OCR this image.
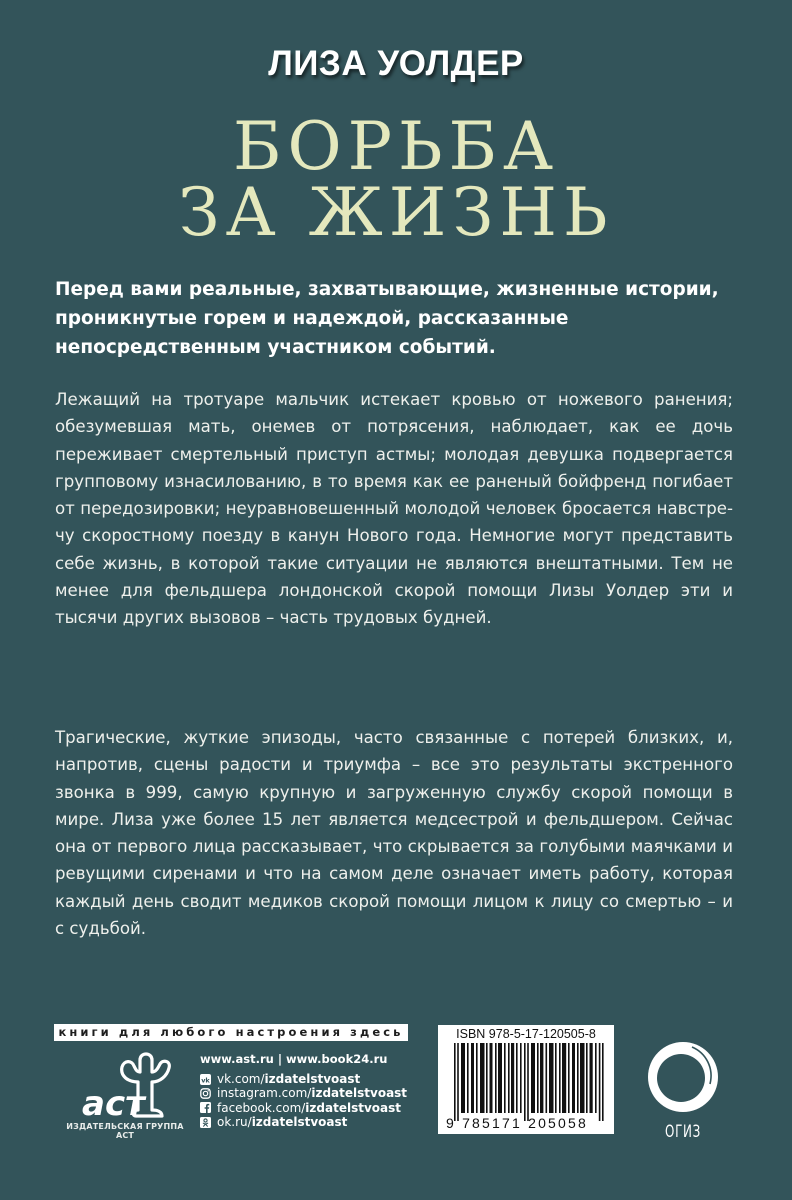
ЛИЗА УОЛДЕР
БОРЬБА
ЗА ЖИЗНЬ
Перед вами реальные, захватывающие, жизненные истории, проникнутые горем и надеждой, рассказанные непосредственным участником событий.
Лежащий на тротуаре мальчик истекает кровью от ножевого ранения; обезумевшая мать, онемев от потрясения, наблюдает, как ее дочь переживает смертельный приступ астмы; молодая девушка подвергается групповому изнасилованию, в то время как ее раненый бойфренд погибает от передозировки; неуравновешенный молодой человек бросается навстречу скоростному поезду в канун Нового года. Немногие могут представить себе жизнь, в которой такие ситуации не являются внештатными. Тем не менее для фельдшера лондонской скорой помощи Лизы Уолдер эти и тысячи других вызовов – часть трудовых будней.
Трагические, жуткие эпизоды, часто связанные с потерей близких, и, напротив, сцены радости и триумфа – все это результаты экстренного звонка в 999, самую крупную и загруженную службу скорой помощи в мире. Лиза уже более 15 лет является медсестрой и фельдшером. Сейчас она от первого лица рассказывает, что скрывается за голубыми маячками и ревущими сиренами и что на самом деле означает иметь работу, которая каждый день сводит медиков скорой помощи лицом к лицу со смертью – и с судьбой.
книги для любого настроения здесь
аст
ИЗДАТЕЛЬСКАЯ ГРУППА АСТ
www.ast.ru | www.book24.ru
vk vk.com/ izdatelstvoast
instagram.com/ izdatelstvoast
facebook.com/ izdatelstvoast
ok.ru/ izdatelstvoast
ISBN 978-5-17-120505-8
9 785171 205058	ОГИЗ
